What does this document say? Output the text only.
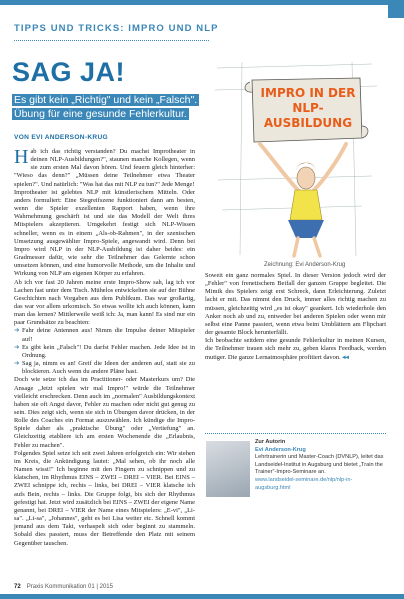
TIPPS UND TRICKS: IMPRO UND NLP
SAG JA!
Es gibt kein „Richtig" und kein „Falsch". Übung für eine gesunde Fehlerkultur.
VON EVI ANDERSON-KRUG
IMPRO IN DER NLP-AUSBILDUNG
Zeichnung: Evi Anderson-Krug

Hab ich das richtig verstanden? Du machst Improtheater in deinen NLP-Ausbildungen?", staunen manche Kollegen, wenn sie zum ersten Mal davon hören. Und feuern gleich hinterher: "Wieso das denn?" „Müssen deine Teilnehmer etwa Theater spielen?". Und natürlich: "Was hat das mit NLP zu tun?" Jede Menge!

Improtheater ist gelebtes NLP mit künstlerischem Mitteln. Oder anders formuliert: Eine Stegreifszene funktioniert dann am besten, wenn die Spieler exzellenten Rapport haben, wenn ihre Wahrnehmung geschärft ist und sie das Modell der Welt ihres Mitspielers akzeptieren. Umgekehrt festigt sich NLP-Wissen schneller, wenn es in einem „Als-ob-Rahmen", in der szenischen Umsetzung ausgewählter Impro-Spiele, angewandt wird. Denn bei Impro wird NLP in der NLP-Ausbildung ist daher beides: ein Gradmesser dafür, wie sehr die Teilnehmer das Gelernte schon umsetzen können, und eine humorvolle Methode, um die Inhalte und Wirkung von NLP am eigenen Körper zu erfahren.

Ab ich vor fast 20 Jahren meine erste Impro-Show sah, lag ich vor Lachen fast unter dem Tisch. Mühelos entwickelten sie auf der Bühne Geschichten nach Vorgaben aus dem Publikum. Das war großartig, das war vor allem urkomisch. So etwas wollte ich auch können, kann man das lernen? Mittlerweile weiß ich: Ja, man kann! Es sind nur ein paar Grundsätze zu beachten:

➔ Fahr deine Antennen aus! Nimm die Impulse deiner Mitspieler auf!
➔ Es gibt kein „Falsch"! Du darfst Fehler machen. Jede Idee ist in Ordnung.
➔ Sag ja, nimm es an! Greif die Ideen der anderen auf, statt sie zu blockieren. Auch wenn du andere Pläne hast.

Doch wie setze ich das im Practitioner- oder Masterkurs um? Die Ansage „Jetzt spielen wir mal Impro!" würde die Teilnehmer vielleicht erschrecken. Denn auch im „normalen" Ausbildungskontext haben sie oft Angst davor, Fehler zu machen oder nicht gut genug zu sein. Dies zeigt sich, wenn sie sich in Übungen davor drücken, in der Rolle des Coaches ein Format auszuwählen. Ich kündige die Impro-Spiele daher als „praktische Übung" oder „Vertiefung" an. Gleichzeitig etabliere ich am ersten Wochenende die „Erlaubnis, Fehler zu machen".

Folgendes Spiel setze ich seit zwei Jahren erfolgreich ein: Wir stehen im Kreis, die Ankündigung lautet: „Mal sehen, ob ihr noch alle Namen wisst!" Ich beginne mit den Fingern zu schnippen und zu klatschen, im Rhythmus EINS – ZWEI – DREI – VIER. Bei EINS – ZWEI schnippe ich, rechts – links, bei DREI – VIER klatsche ich aufs Bein, rechts – links. Die Gruppe folgt, bis sich der Rhythmus gefestigt hat. Jetzt wird zusätzlich bei EINS – ZWEI der eigene Name genannt, bei DREI – VIER der Name eines Mitspielers: „E-vi", „Li-sa". „Li-sa", „Johannes", geht es bei Lisa weiter etc. Schnell kommt jemand aus dem Takt, verhaspelt sich oder beginnt zu stammeln. Sobald dies passiert, muss der Betreffende den Platz mit seinem Gegenüber tauschen.

Soweit ein ganz normales Spiel. In dieser Version jedoch wird der „Fehler" von frenetischem Beifall der ganzen Gruppe begleitet. Die Mimik des Spielers zeigt erst Schreck, dann Erleichterung. Zuletzt lacht er mit. Das nimmt den Druck, immer alles richtig machen zu müssen, gleichzeitig wird „es ist okay" geankert. Ich wiederhole den Anker noch ab und zu, entweder bei anderen Spielen oder wenn mir selbst eine Panne passiert, wenn etwa beim Umblättern am Flipchart der gesamte Block herunterfällt.

Ich beobachte seitdem eine gesunde Fehlerkultur in meinen Kursen, die Teilnehmer trauen sich mehr zu, geben klares Feedback, werden mutiger. Die ganze Lernatmosphäre profitiert davon. ◂◂

Zur Autorin
Evi Anderson-Krug
Lehrtrainerin und Master-Coach (DVNLP), leitet das Landseidel-Institut in Augsburg und bietet „Train the Trainer"-Impro-Seminare an.
www.landseidel-seminare.de/nlp/nlp-in-augsburg.html
72 Praxis Kommunikation 01 | 2015
